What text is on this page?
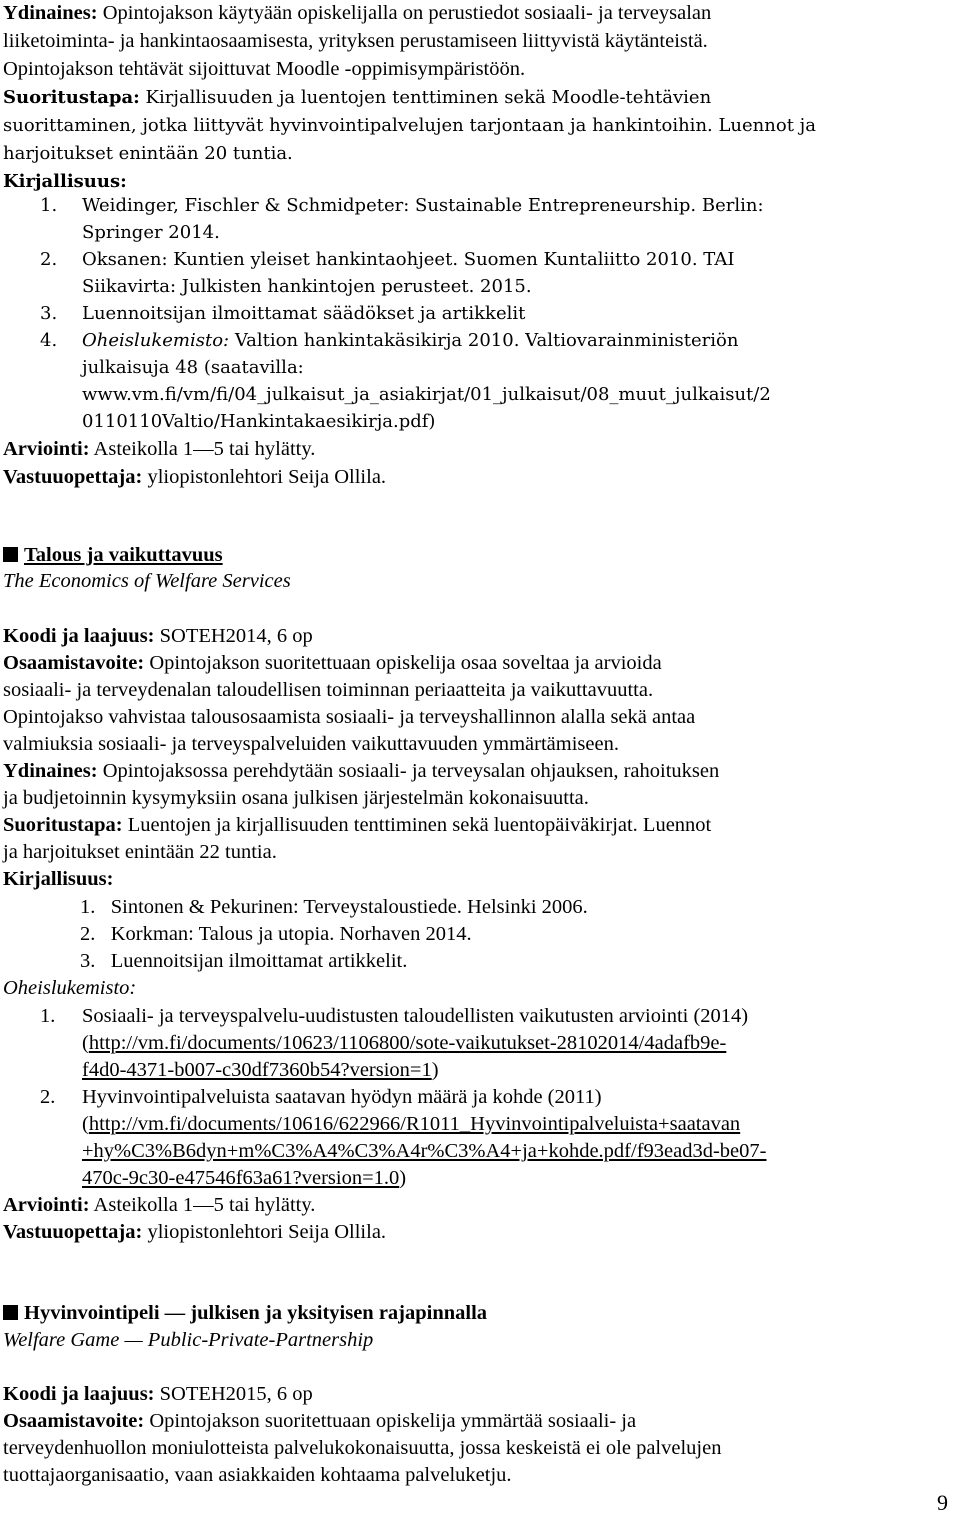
Ydinaines: Opintojakson käytyään opiskelijalla on perustiedot sosiaali- ja terveysalan
liiketoiminta- ja hankintaosaamisesta, yrityksen perustamiseen liittyvistä käytänteistä.
Opintojakson tehtävät sijoittuvat Moodle -oppimisympäristöön.
Suoritustapa: Kirjallisuuden ja luentojen tenttiminen sekä Moodle-tehtävien
suorittaminen, jotka liittyvät hyvinvointipalvelujen tarjontaan ja hankintoihin. Luennot ja
harjoitukset enintään 20 tuntia.
Kirjallisuus:
1. Weidinger, Fischler & Schmidpeter: Sustainable Entrepreneurship. Berlin:
Springer 2014.
2. Oksanen: Kuntien yleiset hankintaohjeet. Suomen Kuntaliitto 2010. TAI
Siikavirta: Julkisten hankintojen perusteet. 2015.
3. Luennoitsijan ilmoittamat säädökset ja artikkelit
4. Oheislukemisto: Valtion hankintakäsikirja 2010. Valtiovarainministeriön
julkaisuja 48 (saatavilla:
www.vm.fi/vm/fi/04_julkaisut_ja_asiakirjat/01_julkaisut/08_muut_julkaisut/2
0110110Valtio/Hankintakaesikirja.pdf)
Arviointi: Asteikolla 1—5 tai hylätty.
Vastuuopettaja: yliopistonlehtori Seija Ollila.
Talous ja vaikuttavuus
The Economics of Welfare Services
Koodi ja laajuus: SOTEH2014, 6 op
Osaamistavoite: Opintojakson suoritettuaan opiskelija osaa soveltaa ja arvioida
sosiaali- ja terveydenalan taloudellisen toiminnan periaatteita ja vaikuttavuutta.
Opintojakso vahvistaa talousosaamista sosiaali- ja terveyshallinnon alalla sekä antaa
valmiuksia sosiaali- ja terveyspalveluiden vaikuttavuuden ymmärtämiseen.
Ydinaines: Opintojaksossa perehdytään sosiaali- ja terveysalan ohjauksen, rahoituksen
ja budjetoinnin kysymyksiin osana julkisen järjestelmän kokonaisuutta.
Suoritustapa: Luentojen ja kirjallisuuden tenttiminen sekä luentopäiväkirjat. Luennot
ja harjoitukset enintään 22 tuntia.
Kirjallisuus:
1.   Sintonen & Pekurinen: Terveystaloustiede. Helsinki 2006.
2.   Korkman: Talous ja utopia. Norhaven 2014.
3.   Luennoitsijan ilmoittamat artikkelit.
Oheislukemisto:
1. Sosiaali- ja terveyspalvelu-uudistusten taloudellisten vaikutusten arviointi (2014)
(http://vm.fi/documents/10623/1106800/sote-vaikutukset-28102014/4adafb9e-
f4d0-4371-b007-c30df7360b54?version=1)
2. Hyvinvointipalveluista saatavan hyödyn määrä ja kohde (2011)
(http://vm.fi/documents/10616/622966/R1011_Hyvinvointipalveluista+saatavan
+hy%C3%B6dyn+m%C3%A4%C3%A4r%C3%A4+ja+kohde.pdf/f93ead3d-be07-
470c-9c30-e47546f63a61?version=1.0)
Arviointi: Asteikolla 1—5 tai hylätty.
Vastuuopettaja: yliopistonlehtori Seija Ollila.
Hyvinvointipeli — julkisen ja yksityisen rajapinnalla
Welfare Game — Public-Private-Partnership
Koodi ja laajuus: SOTEH2015, 6 op
Osaamistavoite: Opintojakson suoritettuaan opiskelija ymmärtää sosiaali- ja
terveydenhuollon moniulotteista palvelukokonaisuutta, jossa keskeistä ei ole palvelujen
tuottajaorganisaatio, vaan asiakkaiden kohtaama palveluketju.
9
